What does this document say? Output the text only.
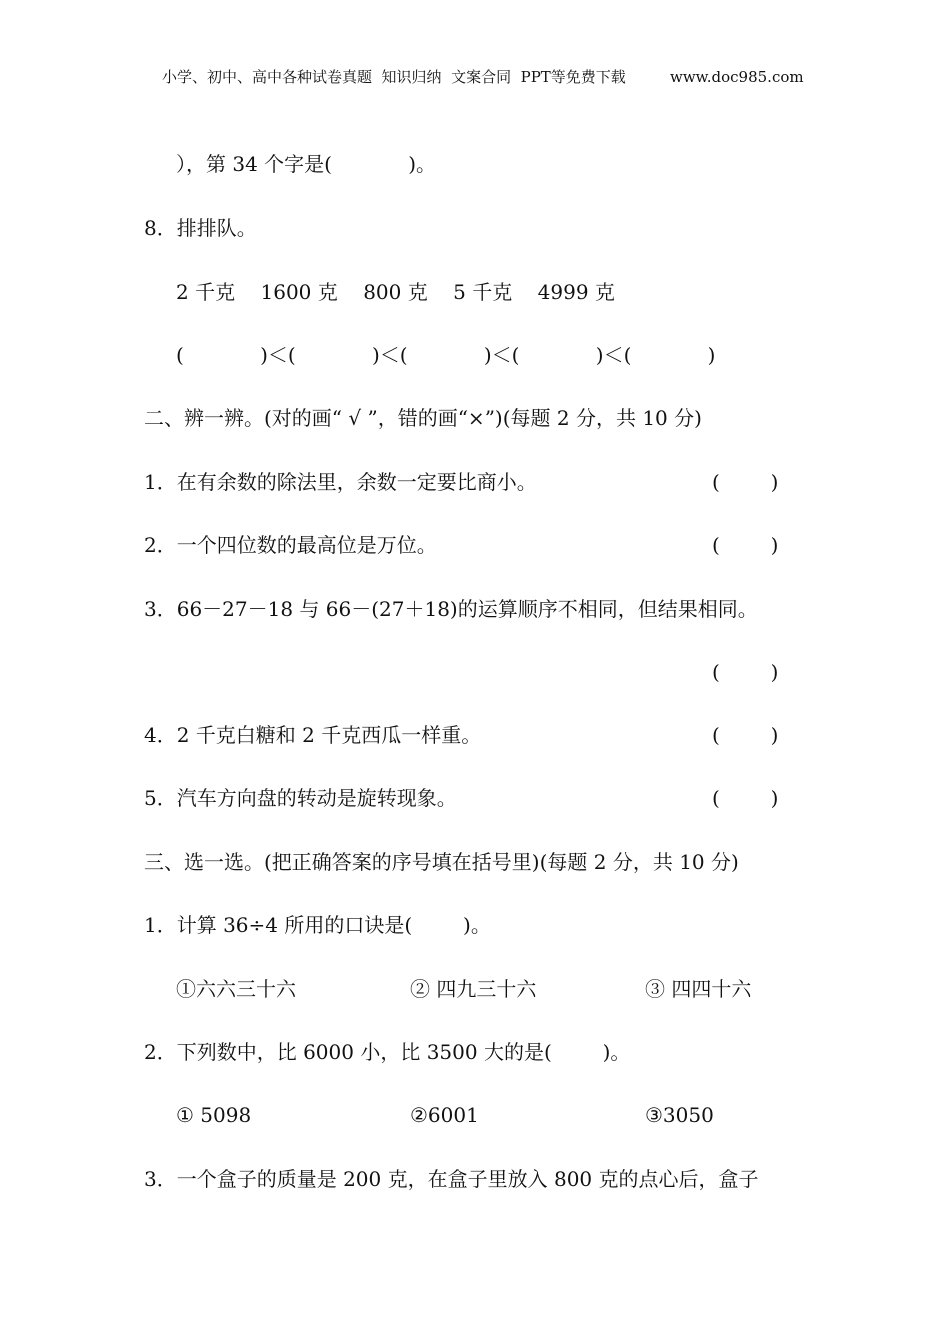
小学、初中、高中各种试卷真题  知识归纳  文案合同  PPT等免费下载	www.doc985.com
），第 34 个字是(            )。
8．排排队。
2 千克    1600 克    800 克    5 千克    4999 克
(            )＜(            )＜(            )＜(            )＜(            )
二、辨一辨。(对的画“ √ ”，错的画“×”)(每题 2 分，共 10 分)
1．在有余数的除法里，余数一定要比商小。	(        )
2．一个四位数的最高位是万位。	(        )
3．66－27－18 与 66－(27＋18)的运算顺序不相同，但结果相同。
(        )
4．2 千克白糖和 2 千克西瓜一样重。	(        )
5．汽车方向盘的转动是旋转现象。	(        )
三、选一选。(把正确答案的序号填在括号里)(每题 2 分，共 10 分)
1．计算 36÷4 所用的口诀是(        )。
①六六三十六	② 四九三十六	③ 四四十六
2．下列数中，比 6000 小，比 3500 大的是(        )。
① 5098	②6001	③3050
3．一个盒子的质量是 200 克，在盒子里放入 800 克的点心后，盒子
